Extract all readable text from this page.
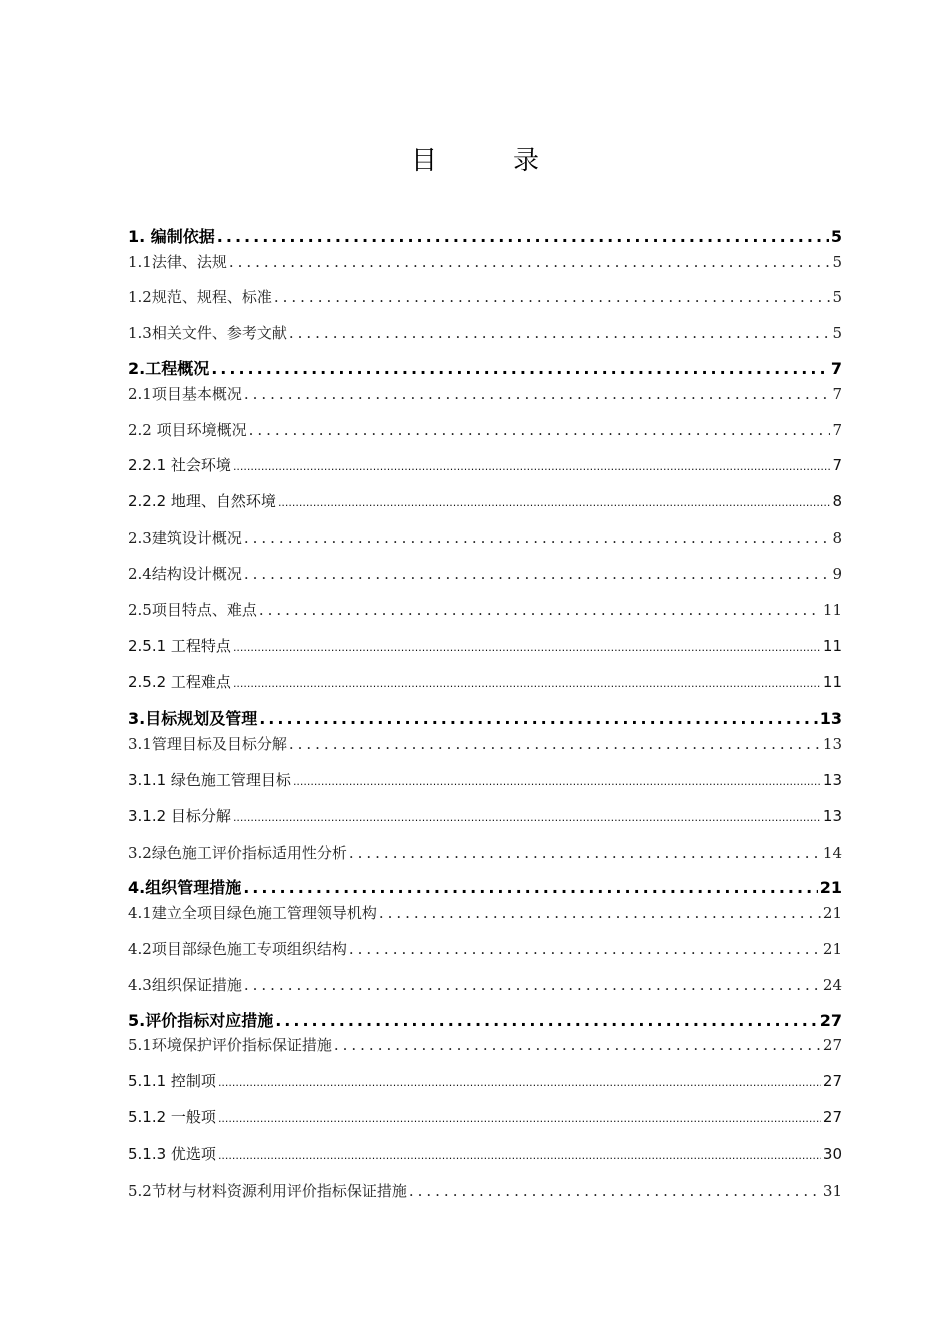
目	录
1. 编制依据 .....	5
1.1法律、法规 .....	5
1.2规范、规程、标准 .....	5
1.3相关文件、参考文献 .....	5
2.工程概况 .....	7
2.1项目基本概况 .....	7
2.2 项目环境概况 .....	7
2.2.1 社会环境 .....	7
2.2.2 地理、自然环境 .....	8
2.3建筑设计概况 .....	8
2.4结构设计概况 .....	9
2.5项目特点、难点 .....	11
2.5.1 工程特点 .....	11
2.5.2 工程难点 .....	11
3.目标规划及管理 .....	13
3.1管理目标及目标分解 .....	13
3.1.1 绿色施工管理目标 .....	13
3.1.2 目标分解 .....	13
3.2绿色施工评价指标适用性分析 .....	14
4.组织管理措施 .....	21
4.1建立全项目绿色施工管理领导机构 .....	21
4.2项目部绿色施工专项组织结构 .....	21
4.3组织保证措施 .....	24
5.评价指标对应措施 .....	27
5.1环境保护评价指标保证措施 .....	27
5.1.1 控制项 .....	27
5.1.2 一般项 .....	27
5.1.3 优选项 .....	30
5.2节材与材料资源利用评价指标保证措施 .....	31
